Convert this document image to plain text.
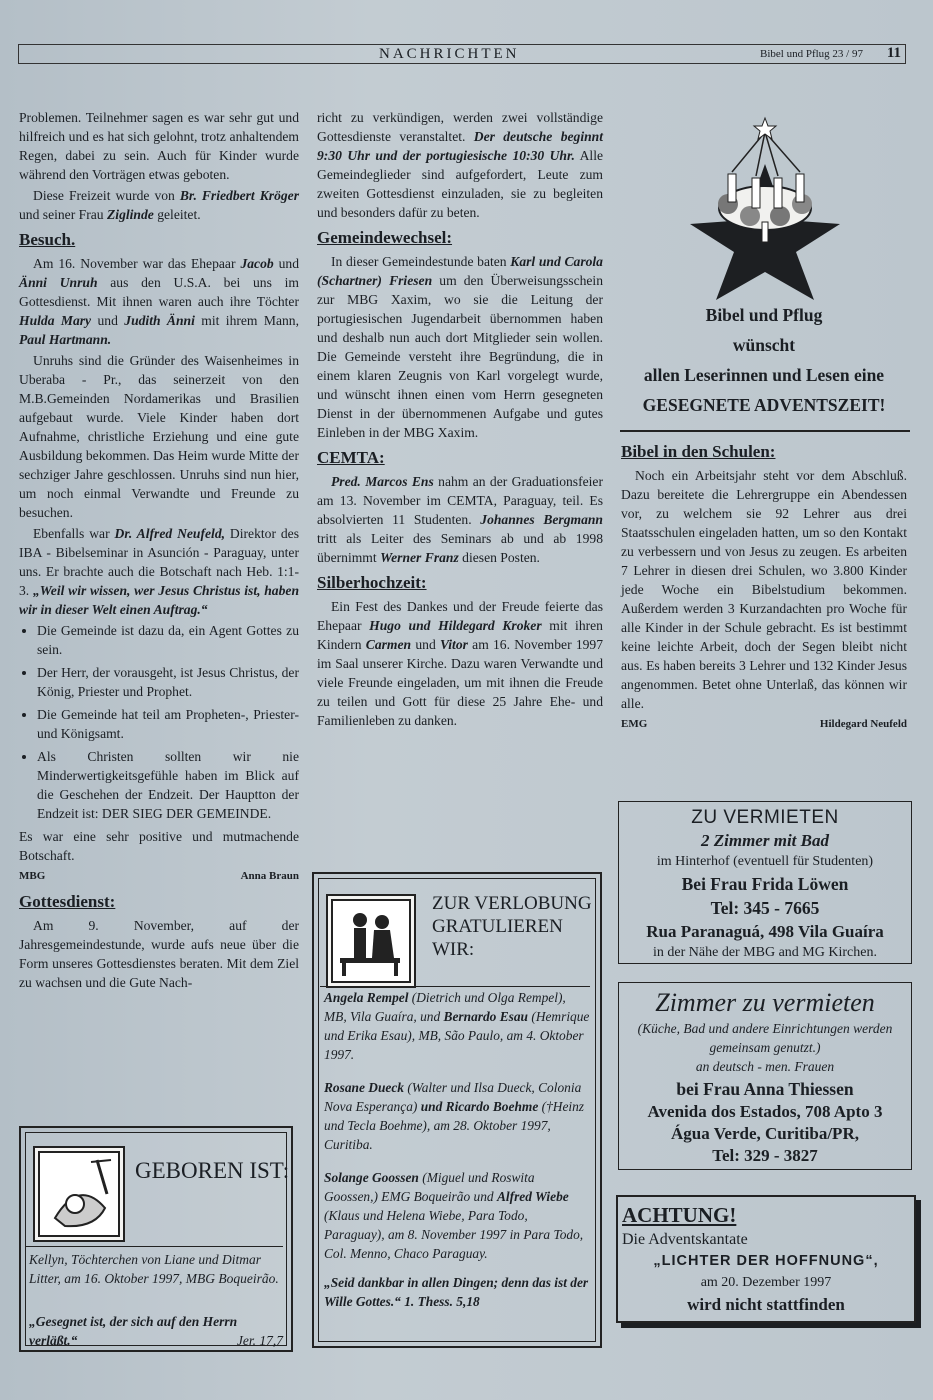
NACHRICHTEN	Bibel und Pflug 23 / 97 11

Problemen. Teilnehmer sagen es war sehr gut und hilfreich und es hat sich gelohnt, trotz anhaltendem Regen, dabei zu sein. Auch für Kinder wurde während den Vorträgen etwas geboten.

Diese Freizeit wurde von Br. Friedbert Kröger und seiner Frau Ziglinde geleitet.

Besuch.

Am 16. November war das Ehepaar Jacob und Änni Unruh aus den U.S.A. bei uns im Gottesdienst. Mit ihnen waren auch ihre Töchter Hulda Mary und Judith Änni mit ihrem Mann, Paul Hartmann.

Unruhs sind die Gründer des Waisenheimes in Uberaba - Pr., das seinerzeit von den M.B.Gemeinden Nordamerikas und Brasilien aufgebaut wurde. Viele Kinder haben dort Aufnahme, christliche Erziehung und eine gute Ausbildung bekommen. Das Heim wurde Mitte der sechziger Jahre geschlossen. Unruhs sind nun hier, um noch einmal Verwandte und Freunde zu besuchen.

Ebenfalls war Dr. Alfred Neufeld, Direktor des IBA - Bibelseminar in Asunción - Paraguay, unter uns. Er brachte auch die Botschaft nach Heb. 1:1-3. „Weil wir wissen, wer Jesus Christus ist, haben wir in dieser Welt einen Auftrag.“

• Die Gemeinde ist dazu da, ein Agent Gottes zu sein.
• Der Herr, der vorausgeht, ist Jesus Christus, der König, Priester und Prophet.
• Die Gemeinde hat teil am Propheten-, Priester- und Königsamt.
• Als Christen sollten wir nie Minderwertigkeitsgefühle haben im Blick auf die Geschehen der Endzeit. Der Hauptton der Endzeit ist: DER SIEG DER GEMEINDE.

Es war eine sehr positive und mutmachende Botschaft.

MBG	Anna Braun
Gottesdienst:

Am 9. November, auf der Jahresgemeindestunde, wurde aufs neue über die Form unseres Gottesdienstes beraten. Mit dem Ziel zu wachsen und die Gute Nach-

GEBOREN IST:
Kellyn, Töchterchen von Liane und Ditmar Litter, am 16. Oktober 1997, MBG Boqueirão.
„Gesegnet ist, der sich auf den Herrn verläßt.“	Jer. 17,7

richt zu verkündigen, werden zwei vollständige Gottesdienste veranstaltet. Der deutsche beginnt 9:30 Uhr und der portugiesische 10:30 Uhr. Alle Gemeindeglieder sind aufgefordert, Leute zum zweiten Gottesdienst einzuladen, sie zu begleiten und besonders dafür zu beten.

Gemeindewechsel:

In dieser Gemeindestunde baten Karl und Carola (Schartner) Friesen um den Überweisungsschein zur MBG Xaxim, wo sie die Leitung der portugiesischen Jugendarbeit übernommen haben und deshalb nun auch dort Mitglieder sein wollen. Die Gemeinde versteht ihre Begründung, die in einem klaren Zeugnis von Karl vorgelegt wurde, und wünscht ihnen einen vom Herrn gesegneten Dienst in der übernommenen Aufgabe und gutes Einleben in der MBG Xaxim.

CEMTA:

Pred. Marcos Ens nahm an der Graduationsfeier am 13. November im CEMTA, Paraguay, teil. Es absolvierten 11 Studenten. Johannes Bergmann tritt als Leiter des Seminars ab und ab 1998 übernimmt Werner Franz diesen Posten.

Silberhochzeit:

Ein Fest des Dankes und der Freude feierte das Ehepaar Hugo und Hildegard Kroker mit ihren Kindern Carmen und Vitor am 16. November 1997 im Saal unserer Kirche. Dazu waren Verwandte und viele Freunde eingeladen, um mit ihnen die Freude zu teilen und Gott für diese 25 Jahre Ehe- und Familienleben zu danken.

ZUR VERLOBUNG GRATULIEREN WIR:
Angela Rempel (Dietrich und Olga Rempel), MB, Vila Guaíra, und Bernardo Esau (Hemrique und Erika Esau), MB, São Paulo, am 4. Oktober 1997.
Rosane Dueck (Walter und Ilsa Dueck, Colonia Nova Esperança) und Ricardo Boehme (†Heinz und Tecla Boehme), am 28. Oktober 1997, Curitiba.
Solange Goossen (Miguel und Roswita Goossen,) EMG Boqueirão und Alfred Wiebe (Klaus und Helena Wiebe, Para Todo, Paraguay), am 8. November 1997 in Para Todo, Col. Menno, Chaco Paraguay.
„Seid dankbar in allen Dingen; denn das ist der Wille Gottes.“ 1. Thess. 5,18
Bibel und Pflug
wünscht
allen Leserinnen und Lesen eine
GESEGNETE ADVENTSZEIT!
Bibel in den Schulen:

Noch ein Arbeitsjahr steht vor dem Abschluß. Dazu bereitete die Lehrergruppe ein Abendessen vor, zu welchem sie 92 Lehrer aus drei Staatsschulen eingeladen hatten, um so den Kontakt zu verbessern und von Jesus zu zeugen. Es arbeiten 7 Lehrer in diesen drei Schulen, wo 3.800 Kinder jede Woche ein Bibelstudium bekommen. Außerdem werden 3 Kurzandachten pro Woche für alle Kinder in der Schule gebracht. Es ist bestimmt keine leichte Arbeit, doch der Segen bleibt nicht aus. Es haben bereits 3 Lehrer und 132 Kinder Jesus angenommen. Betet ohne Unterlaß, das können wir alle.

EMG	Hildegard Neufeld
ZU VERMIETEN
2 Zimmer mit Bad
im Hinterhof (eventuell für Studenten)
Bei Frau Frida Löwen
Tel: 345 - 7665
Rua Paranaguá, 498 Vila Guaíra
in der Nähe der MBG and MG Kirchen.
Zimmer zu vermieten
(Küche, Bad und andere Einrichtungen werden gemeinsam genutzt.)
an deutsch - men. Frauen
bei Frau Anna Thiessen
Avenida dos Estados, 708 Apto 3
Água Verde, Curitiba/PR,
Tel: 329 - 3827
ACHTUNG!
Die Adventskantate
„LICHTER DER HOFFNUNG“,
am 20. Dezember 1997
wird nicht stattfinden
